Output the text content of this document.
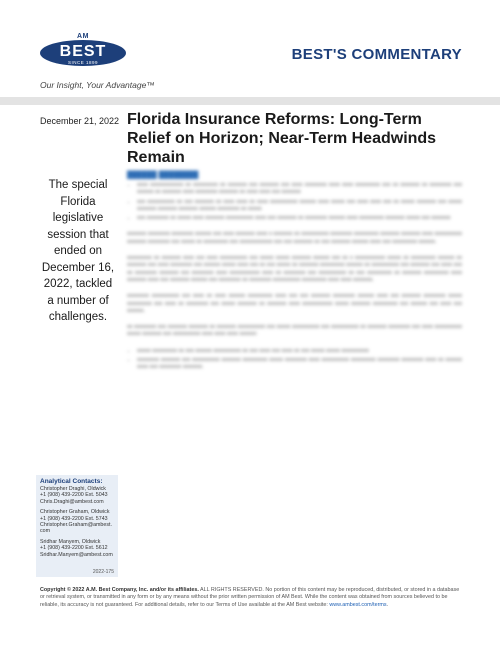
AM
BEST
SINCE 1899	BEST'S COMMENTARY
Our Insight, Your Advantage™
December 21, 2022 Florida Insurance Reforms: Long-Term Relief on Horizon; Near-Term Headwinds Remain
The special Florida legislative session that ended on December 16, 2022, tackled a number of challenges.
██████ ████████
• xxxx xxxxxxxxxxxx xx xxxxxxxxx xx xxxxxxx xxx xxxxxxx xxx xxxx xxxxxxxx xxxx xxxx xxxxxxxxx xxx xx xxxxxxx xx xxxxxxxx xxx xxxxxx xx xxxxxxx xxxx xxxxxxxx xxxxxxx xx xxxx xxxx xxx xxxxxxx
• xxx xxxxxxxxxx xx xxx xxxxxxx xx xxxx xxxx xx xxxx xxxxxxxxxx xxxxxx xxxx xxxxx xxx xxxx xxxx xxx xx xxxxx xxxxxxx xxx xxxxx xxxxxxx xxxxxxx xxxxxxx xxxxxx xxxxxxxx xx xxxxx
• xxx xxxxxxxx xx xxxxx xxxx xxxxxxx xxxxxxxxxx xxxx xxx xxxxxxx xx xxxxxxxx xxxxxx xxxx xxxxxxxxx xxxxxxx xxxxx xxx xxxxxxx

xxxxxxx xxxxxxxx xxxxxxxx xxxxxx xxx xxxx xxxxxxx xxxx x xxxxxxx xx xxxxxxxxxx xxxxxxxx xxxxxxxxx xxxxxxx xxxxxxx xxxx xxxxxxxxxx xxxxxxx xxxxxxxx xxx xxxxx xx xxxxxxxxx xxx xxxxxxxxxxxx xxx xxx xxxxxxx xx xxx xxxxxxx xxxxxx xxxx xxx xxxxxxxxx xxxxxx.

xxxxxxxxx xx xxxxxxx xxxx xxx xxxx xxxxxxxxxx xxx xxxxx xxxxx xxxxxxx xxxxxx xxx xx x xxxxxxxxxxx xxxxx xx xxxxxxxxx xxxxxx xx xxxxxxx xxx xxxx xxxxxxxx xxx xxxxxx xxxxx xxxx xxx xx xxx xxxxx xx xxxxxxx xxxxxxxxx xxxxxx xx xxxxxxxxxx xxx xxxxxxx xxx xxxx xxx xx xxxxxxxx xxxxxxx xxx xxxxxxxx xxxx xxxxxxxxxxx xxxx xx xxxxxxxx xxx xxxxxxxxxx xx xxx xxxxxxxxx xx xxxxxxx xxxxxxxxx xxxx xxxxxxx xxxx xxx xxxxxxx xxxxxx xxx xxxxxxxx xx xxxxxxxx xxxxxxxxxx xxxxxxxxx xxxx xxxx xxxxxxx.

xxxxxxxx xxxxxxxxxx xxx xxxx xx xxxx xxxxxx xxxxxxxxx xxxx xxx xxx xxxxxxx xxxxxxxx xxxxxx xxxx xxx xxxxxxx xxxxxxxx xxxxx xxxxxxxxx xxx xxxx xx xxxxxxxx xxx xxxxx xxxxxxx xx xxxxxxx xxxx xxxxxxxxxxx xxxxx xxxxxxx xxxxxxxxx xxx xxxxxx xxx xxxx xxx xxxxxx.

xx xxxxxxxx xxx xxxxxxx xxxxxxx xx xxxxxxx xxxxxxxxxx xxx xxxxx xxxxxxxxxx xxx xxxxxxxxxx xx xxxxxxx xxxxxxxx xxx xxxx xxxxxxxxxx xxxxx xxxxxxx xxx xxxxxxxxxx xxxx xxxx xxxx xxxxxx:

• xxxxx xxxxxxxxx xx xxx xxxxxx xxxxxxxxxx xx xxx xxxx xxx xxxx xx xxx xxxxx xxxxx xxxxxxxxxx
• xxxxxxxx xxxxxxx xxx xxxxxxxxxx xxxxxxx xxxxxxxxx xxxxx xxxxxxxx xxxx xxxxxxxxxx xxxxxxxxx xxxxxxxx xxxxxxxx xxxx xx xxxxxx xxxx xxx xxxxxxxx xxxxxxx.
Analytical Contacts:
Christopher Draghi, Oldwick
+1 (908) 439-2200 Ext. 5043
Chris.Draghi@ambest.com
Christopher Graham, Oldwick
+1 (908) 439-2200 Ext. 5743
Christopher.Graham@ambest.com
Sridhar Manyem, Oldwick
+1 (908) 439-2200 Ext. 5612
Sridhar.Manyem@ambest.com
2022-175
Copyright © 2022 A.M. Best Company, Inc. and/or its affiliates. ALL RIGHTS RESERVED. No portion of this content may be reproduced, distributed, or stored in a database or retrieval system, or transmitted in any form or by any means without the prior written permission of AM Best. While the content was obtained from sources believed to be reliable, its accuracy is not guaranteed. For additional details, refer to our Terms of Use available at the AM Best website: www.ambest.com/terms.
